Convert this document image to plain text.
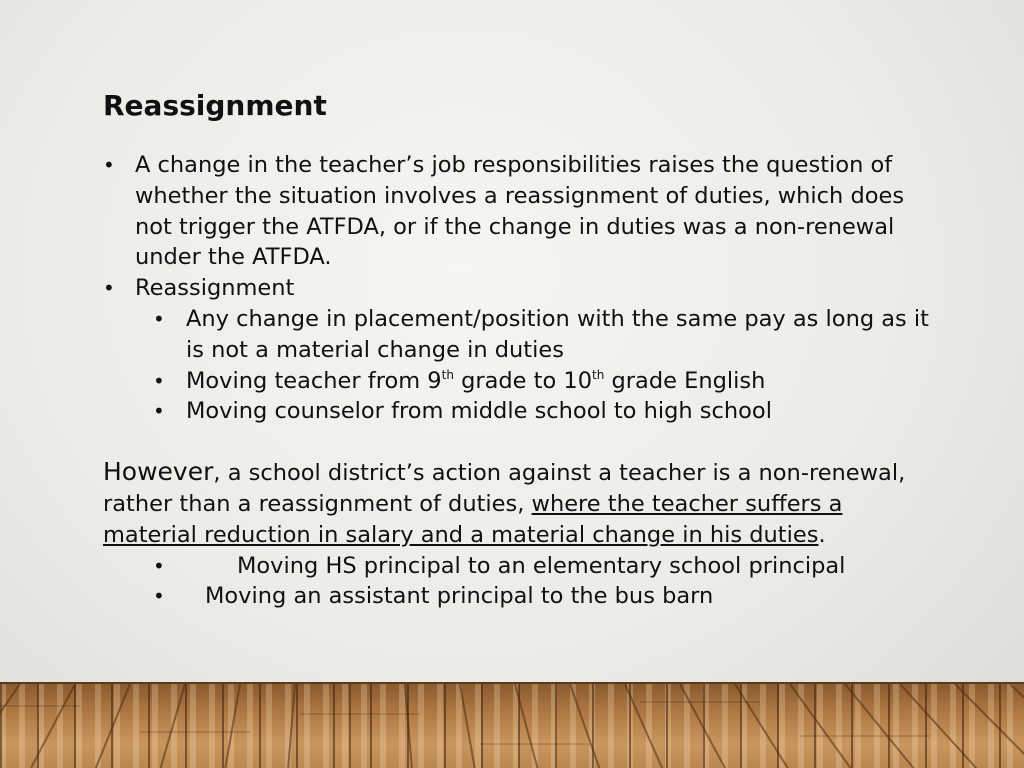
Reassignment
• A change in the teacher’s job responsibilities raises the question of whether the situation involves a reassignment of duties, which does not trigger the ATFDA, or if the change in duties was a non-renewal under the ATFDA.
• Reassignment
• Any change in placement/position with the same pay as long as it is not a material change in duties
• Moving teacher from 9th grade to 10th grade English
• Moving counselor from middle school to high school
However, a school district’s action against a teacher is a non-renewal, rather than a reassignment of duties, where the teacher suffers a material reduction in salary and a material change in his duties.
•	Moving HS principal to an elementary school principal
• Moving an assistant principal to the bus barn
